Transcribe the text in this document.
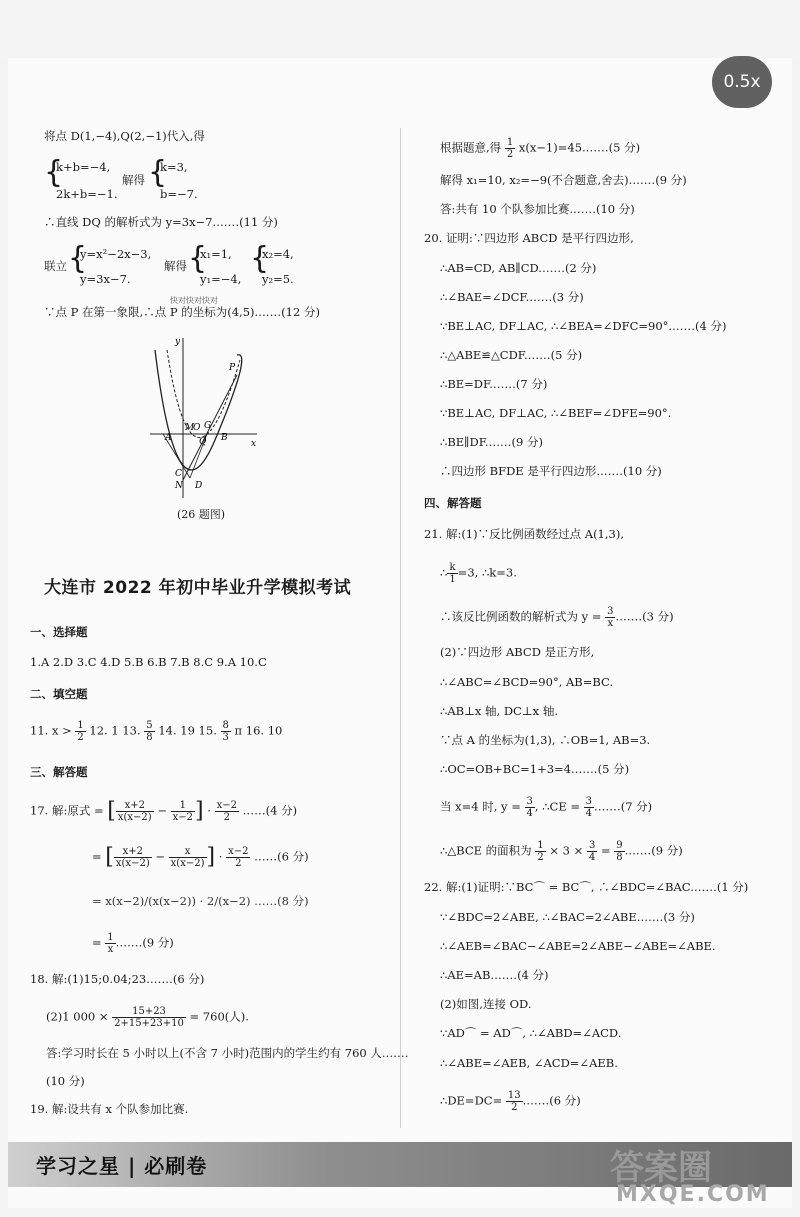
0.5x
将点 D(1,−4),Q(2,−1)代入,得
{
k+b=−4,
2k+b=−1.
解得 {
k=3,
b=−7.
∴直线 DQ 的解析式为 y=3x−7.……(11 分)
联立 {
y=x²−2x−3,
y=3x−7.
解得 {
x₁=1,
y₁=−4,
{
x₂=4,
y₂=5.
∵点 P 在第一象限,∴点 P 的坐标为(4,5).……(12 分)
快对快对快对
y
x
P
M
O G
Q
A	B
C
N D
(26 题图)
大连市 2022 年初中毕业升学模拟考试
一、选择题
1.A 2.D 3.C 4.D 5.B 6.B 7.B 8.C 9.A 10.C
二、填空题
11. $x > \frac{1}{2} 12$. 1 13. $\frac{5}{8} 14$. 19 15. $\frac{8}{3}$ π 16. 10
三、解答题
17. 解:原式 = [ $\frac{x+2}{x(x-2)} - \frac{1}{x-2}$ ] · $\frac{x-2}{2}$ ……(4 分)
= [ $\frac{x+2}{x(x-2)} - \frac{x}{x(x-2)}$ ] · $\frac{x-2}{2}$ ……(6 分)
= x(x−2)/(x(x−2)) · 2/(x−2) ……(8 分)
= $\frac{1}{x}$ .……(9 分)
18. 解:(1)15;0.04;23.……(6 分)
(2)1 $000 \times \frac{15+23}{2+15+23+10} = 760$(人).
答:学习时长在 5 小时以上(不含 7 小时)范围内的学生约有 760 人.……
(10 分)
19. 解:设共有 x 个队参加比赛.
根据题意,得 $\frac{1}{2}$ x(x−1)=45.……(5 分)
解得 x₁=10, x₂=−9(不合题意,舍去).……(9 分)
答:共有 10 个队参加比赛.……(10 分)
20. 证明:∵四边形 ABCD 是平行四边形,
∴AB=CD, AB∥CD.……(2 分)
∴∠BAE=∠DCF.……(3 分)
∵BE⊥AC, DF⊥AC, ∴∠BEA=∠DFC=90°.……(4 分)
∴△ABE≌△CDF.……(5 分)
∴BE=DF.……(7 分)
∵BE⊥AC, DF⊥AC, ∴∠BEF=∠DFE=90°.
∴BE∥DF.……(9 分)
∴四边形 BFDE 是平行四边形.……(10 分)
四、解答题
21. 解:(1)∵反比例函数经过点 A(1,3),
∴ $\frac{k}{1} =3$, ∴k=3.
∴该反比例函数的解析式为 $y = \frac{3}{x}$ .……(3 分)
(2)∵四边形 ABCD 是正方形,
∴∠ABC=∠BCD=90°, AB=BC.
∴AB⊥x 轴, DC⊥x 轴.
∵点 A 的坐标为(1,3), ∴OB=1, AB=3.
∴OC=OB+BC=1+3=4.……(5 分)
当 x=4 时, $y = \frac{3}{4}$ , ∴CE = $\frac{3}{4}$ .……(7 分)
∴△BCE 的面积为 $\frac{1}{2} \times 3 \times \frac{3}{4} = \frac{9}{8}$ .……(9 分)
22. 解:(1)证明:∵BC⌒ = BC⌒, ∴∠BDC=∠BAC.……(1 分)
∵∠BDC=2∠ABE, ∴∠BAC=2∠ABE.……(3 分)
∴∠AEB=∠BAC−∠ABE=2∠ABE−∠ABE=∠ABE.
∴AE=AB.……(4 分)
(2)如图,连接 OD.
∵AD⌒ = AD⌒, ∴∠ABD=∠ACD.
∴∠ABE=∠AEB, ∠ACD=∠AEB.
∴DE=DC= $\frac{13}{2}$ .……(6 分)
学习之星 | 必刷卷	答案圈
MXQE.COM
